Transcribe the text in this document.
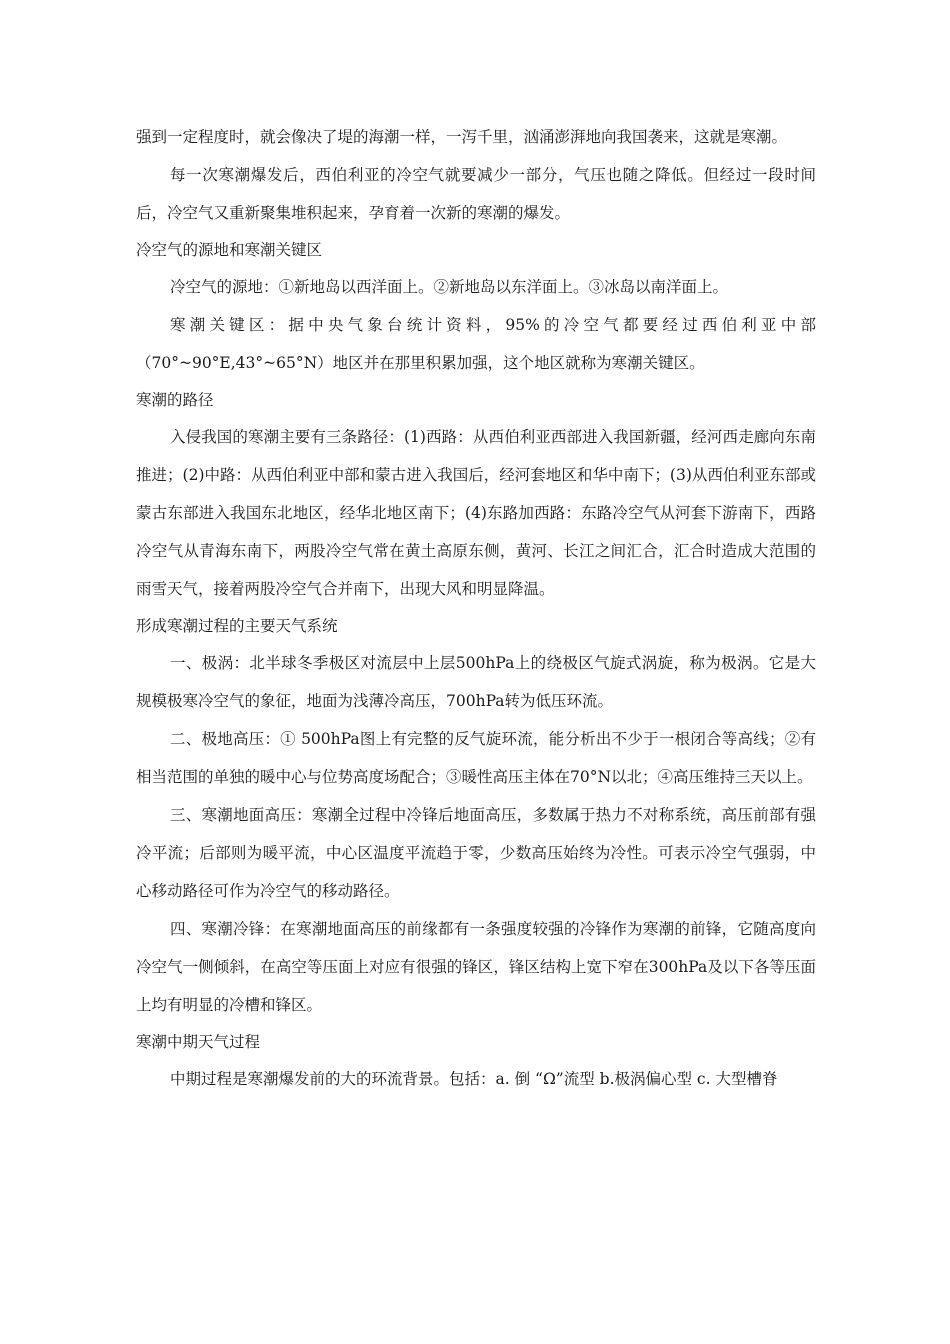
强到一定程度时，就会像决了堤的海潮一样，一泻千里，汹涌澎湃地向我国袭来，这就是寒潮。

每一次寒潮爆发后，西伯利亚的冷空气就要减少一部分，气压也随之降低。但经过一段时间后，冷空气又重新聚集堆积起来，孕育着一次新的寒潮的爆发。

冷空气的源地和寒潮关键区

冷空气的源地：①新地岛以西洋面上。②新地岛以东洋面上。③冰岛以南洋面上。

寒潮关键区：据中央气象台统计资料，95%的冷空气都要经过西伯利亚中部（70°~90°E,43°~65°N）地区并在那里积累加强，这个地区就称为寒潮关键区。

寒潮的路径

入侵我国的寒潮主要有三条路径：(1)西路：从西伯利亚西部进入我国新疆，经河西走廊向东南推进；(2)中路：从西伯利亚中部和蒙古进入我国后，经河套地区和华中南下；(3)从西伯利亚东部或蒙古东部进入我国东北地区，经华北地区南下；(4)东路加西路：东路冷空气从河套下游南下，西路冷空气从青海东南下，两股冷空气常在黄土高原东侧，黄河、长江之间汇合，汇合时造成大范围的雨雪天气，接着两股冷空气合并南下，出现大风和明显降温。

形成寒潮过程的主要天气系统

一、极涡：北半球冬季极区对流层中上层500hPa上的绕极区气旋式涡旋，称为极涡。它是大规模极寒冷空气的象征，地面为浅薄冷高压，700hPa转为低压环流。

二、极地高压：① 500hPa图上有完整的反气旋环流，能分析出不少于一根闭合等高线；②有相当范围的单独的暖中心与位势高度场配合；③暖性高压主体在70°N以北；④高压维持三天以上。

三、寒潮地面高压：寒潮全过程中冷锋后地面高压，多数属于热力不对称系统，高压前部有强冷平流；后部则为暖平流，中心区温度平流趋于零，少数高压始终为冷性。可表示冷空气强弱，中心移动路径可作为冷空气的移动路径。

四、寒潮冷锋：在寒潮地面高压的前缘都有一条强度较强的冷锋作为寒潮的前锋，它随高度向冷空气一侧倾斜，在高空等压面上对应有很强的锋区，锋区结构上宽下窄在300hPa及以下各等压面上均有明显的冷槽和锋区。

寒潮中期天气过程

中期过程是寒潮爆发前的大的环流背景。包括：a. 倒 “Ω”流型 b.极涡偏心型 c. 大型槽脊
